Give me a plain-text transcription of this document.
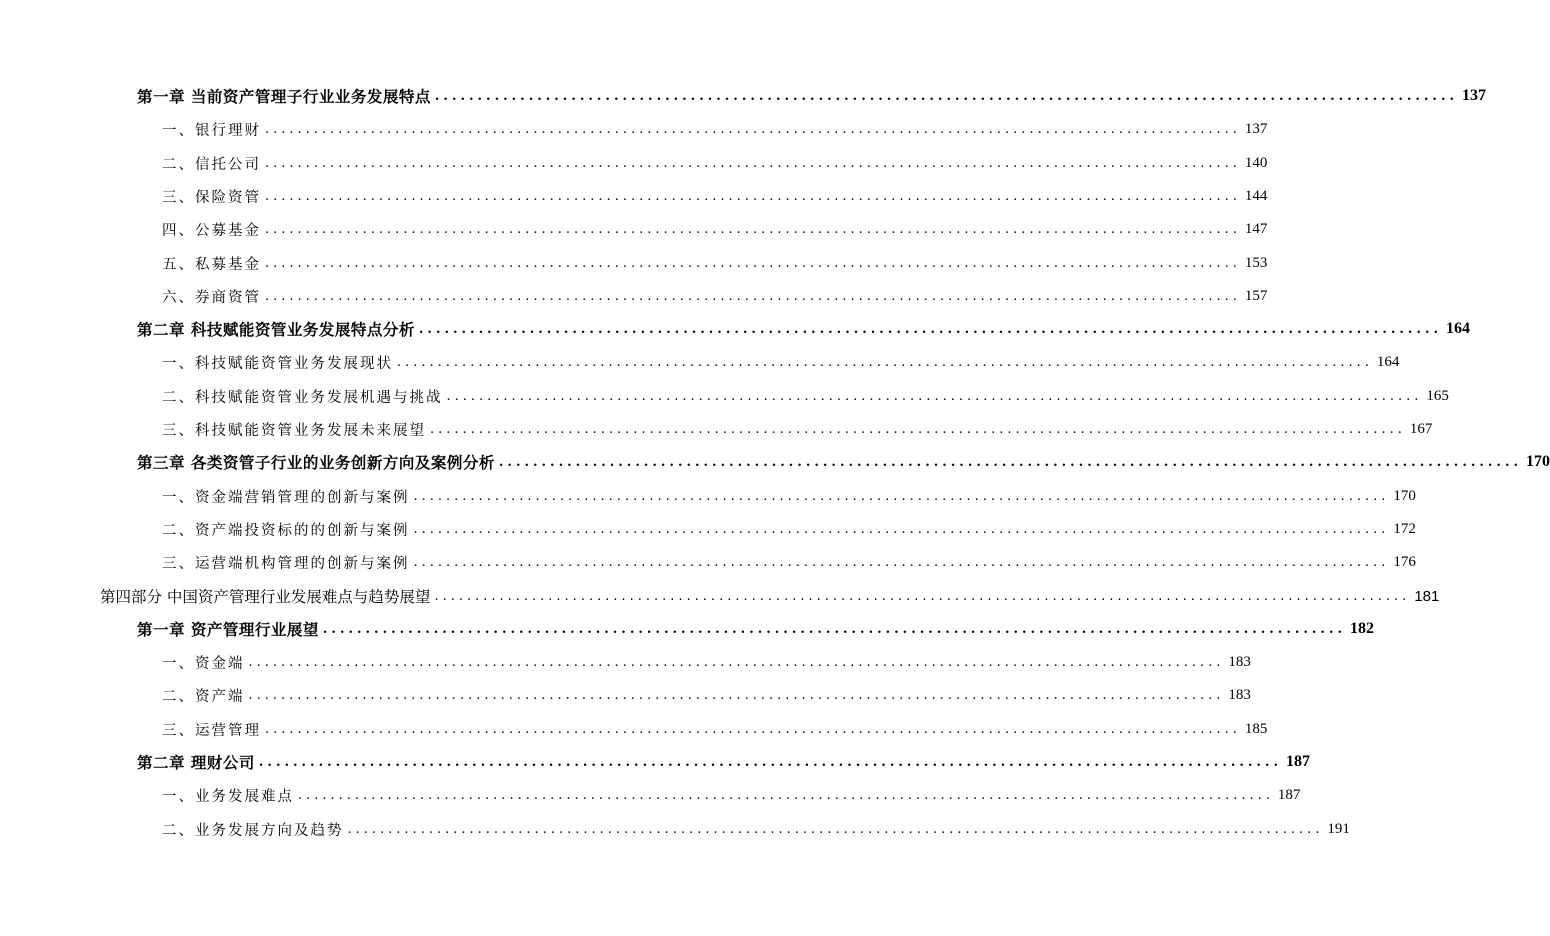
第一章 当前资产管理子行业业务发展特点 ........................................................................................................................ 137
一、银行理财 ........................................................................................................................ 137
二、信托公司 ........................................................................................................................ 140
三、保险资管 ........................................................................................................................ 144
四、公募基金 ........................................................................................................................ 147
五、私募基金 ........................................................................................................................ 153
六、券商资管 ........................................................................................................................ 157
第二章 科技赋能资管业务发展特点分析 ........................................................................................................................ 164
一、科技赋能资管业务发展现状 ........................................................................................................................ 164
二、科技赋能资管业务发展机遇与挑战 ........................................................................................................................ 165
三、科技赋能资管业务发展未来展望 ........................................................................................................................ 167
第三章 各类资管子行业的业务创新方向及案例分析 ........................................................................................................................ 170
一、资金端营销管理的创新与案例 ........................................................................................................................ 170
二、资产端投资标的的创新与案例 ........................................................................................................................ 172
三、运营端机构管理的创新与案例 ........................................................................................................................ 176
第四部分 中国资产管理行业发展难点与趋势展望 ........................................................................................................................ 181
第一章 资产管理行业展望 ........................................................................................................................ 182
一、资金端 ........................................................................................................................ 183
二、资产端 ........................................................................................................................ 183
三、运营管理 ........................................................................................................................ 185
第二章 理财公司 ........................................................................................................................ 187
一、业务发展难点 ........................................................................................................................ 187
二、业务发展方向及趋势 ........................................................................................................................ 191
